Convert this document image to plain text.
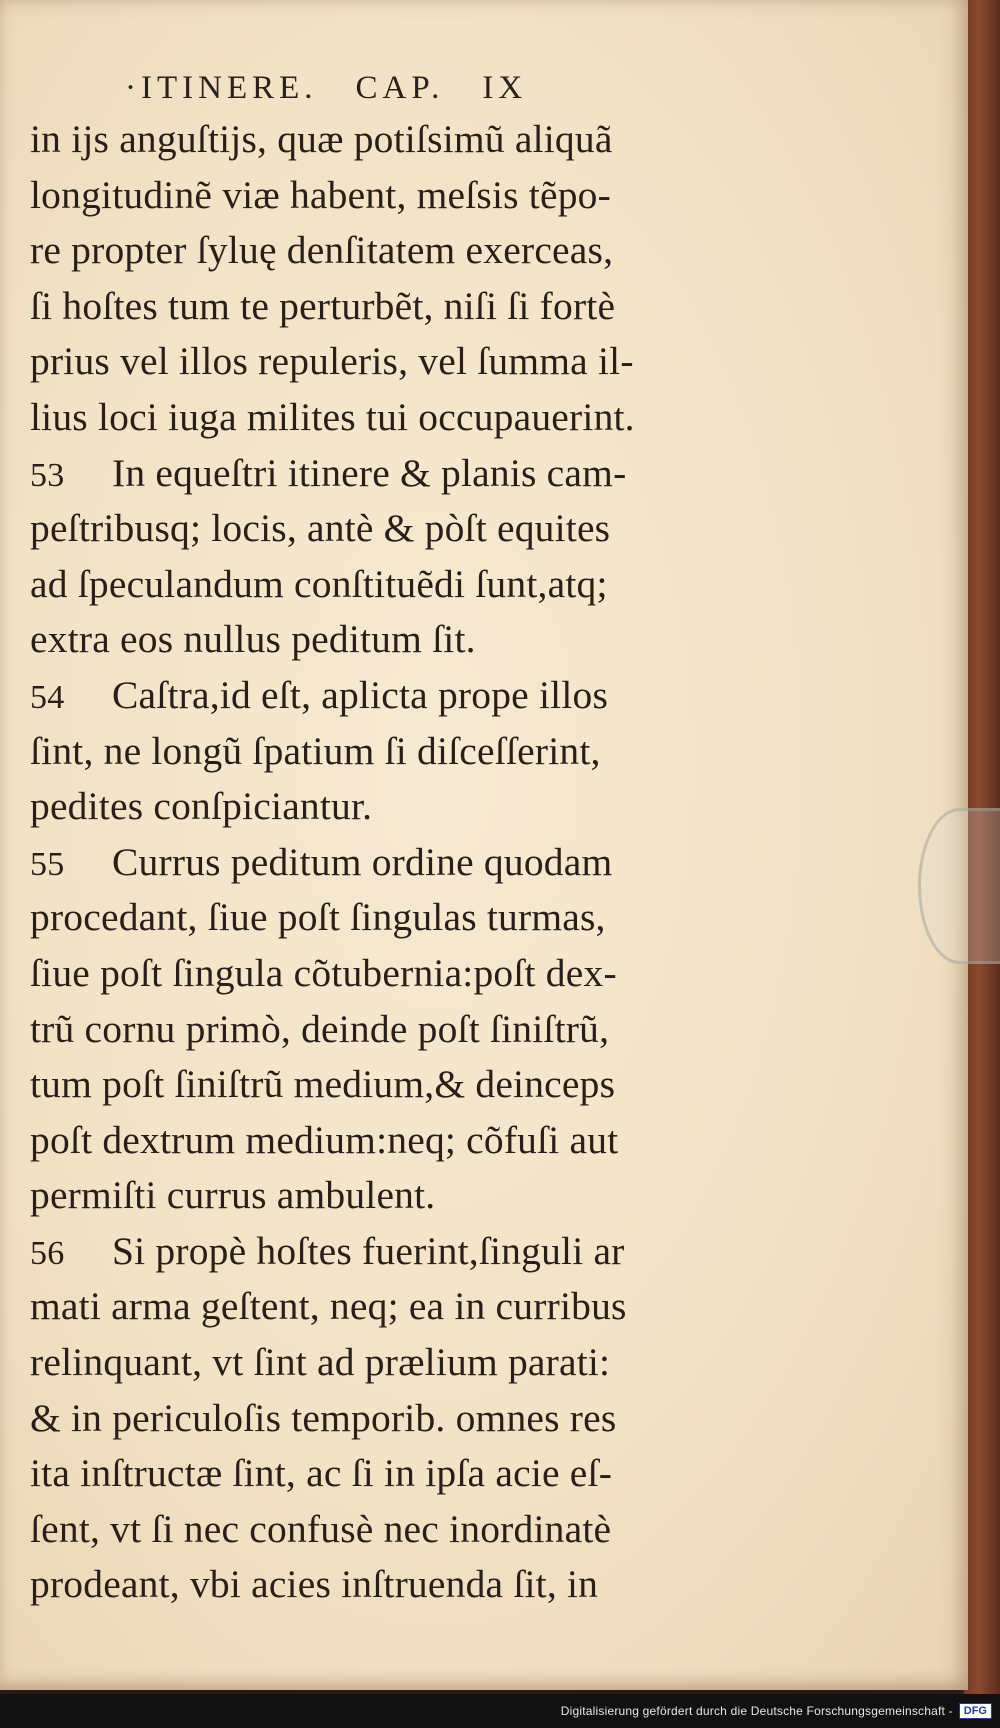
·ITINERE. CAP. IX
in ijs anguſtijs, quæ potiſsimũ aliquã
longitudinẽ viæ habent, meſsis tẽpo-
re propter ſyluę denſitatem exerceas,
ſi hoſtes tum te perturbẽt, niſi ſi fortè
prius vel illos repuleris, vel ſumma il-
lius loci iuga milites tui occupauerint.
53	In equeſtri itinere & planis cam-
peſtribusq; locis, antè & pòſt equites
ad ſpeculandum conſtituẽdi ſunt,atq;
extra eos nullus peditum ſit.
54	Caſtra,id eſt, aplicta prope illos
ſint, ne longũ ſpatium ſi diſceſſerint,
pedites conſpiciantur.
55	Currus peditum ordine quodam
procedant, ſiue poſt ſingulas turmas,
ſiue poſt ſingula cõtubernia:poſt dex-
trũ cornu primò, deinde poſt ſiniſtrũ,
tum poſt ſiniſtrũ medium,& deinceps
poſt dextrum medium:neq; cõfuſi aut
permiſti currus ambulent.
56	Si propè hoſtes fuerint,ſinguli ar
mati arma geſtent, neq; ea in curribus
relinquant, vt ſint ad prælium parati:
& in periculoſis temporib. omnes res
ita inſtructæ ſint, ac ſi in ipſa acie eſ-
ſent, vt ſi nec confusè nec inordinatè
prodeant, vbi acies inſtruenda ſit, in
Digitalisierung gefördert durch die Deutsche Forschungsgemeinschaft -	DFG
